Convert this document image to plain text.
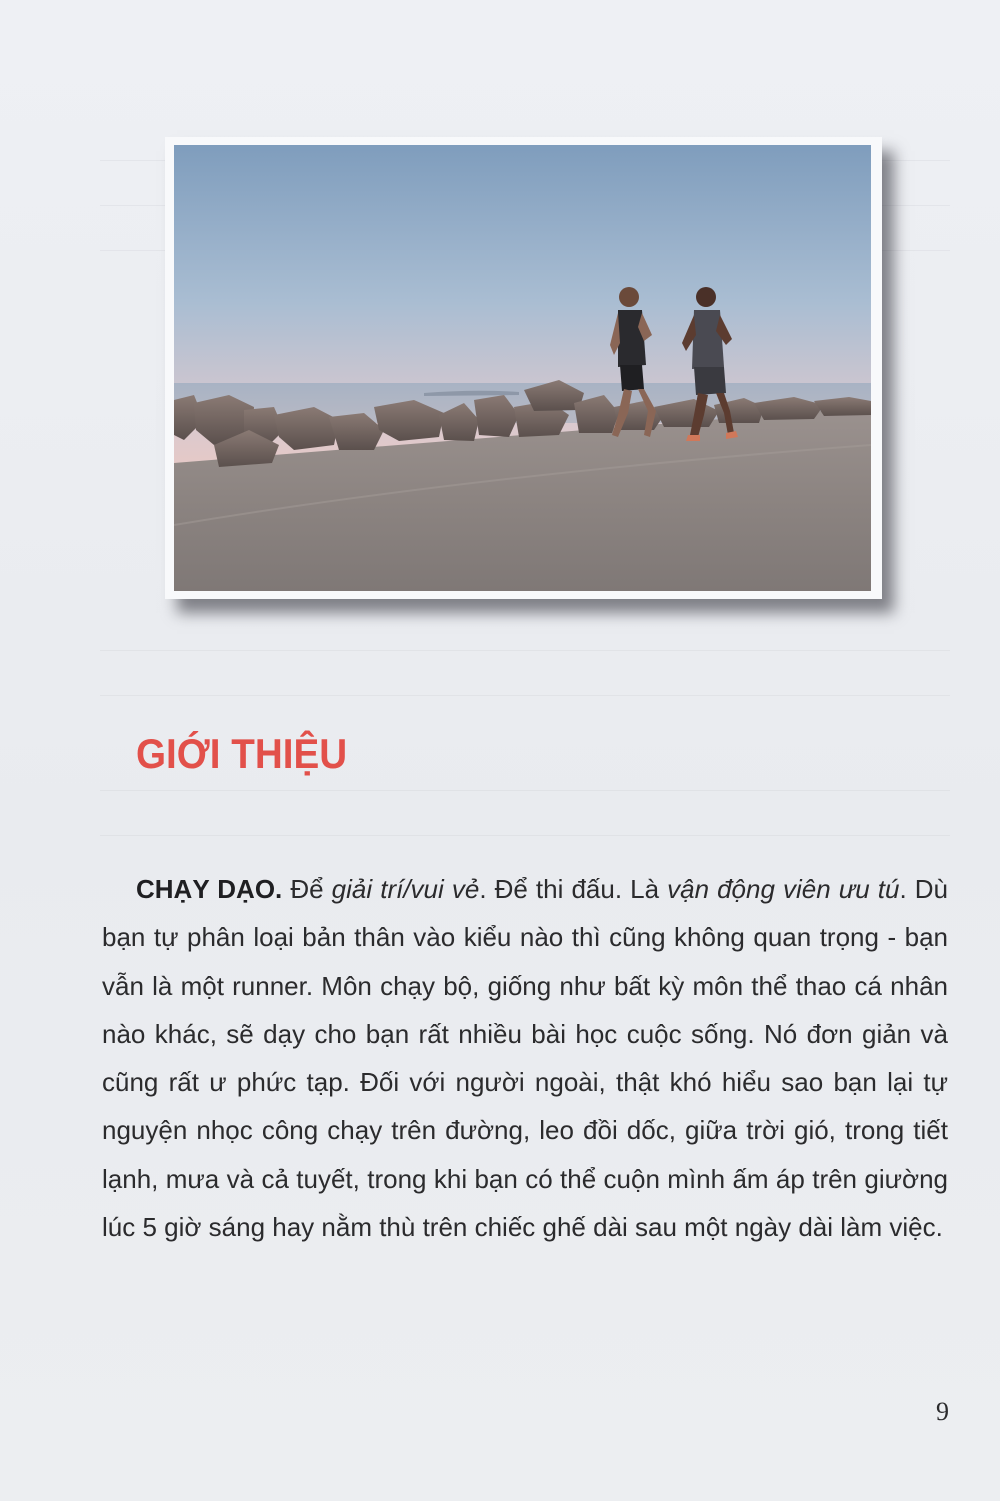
GIỚI THIỆU

CHẠY DẠO. Để giải trí/vui vẻ. Để thi đấu. Là vận động viên ưu tú. Dù bạn tự phân loại bản thân vào kiểu nào thì cũng không quan trọng - bạn vẫn là một runner. Môn chạy bộ, giống như bất kỳ môn thể thao cá nhân nào khác, sẽ dạy cho bạn rất nhiều bài học cuộc sống. Nó đơn giản và cũng rất ư phức tạp. Đối với người ngoài, thật khó hiểu sao bạn lại tự nguyện nhọc công chạy trên đường, leo đồi dốc, giữa trời gió, trong tiết lạnh, mưa và cả tuyết, trong khi bạn có thể cuộn mình ấm áp trên giường lúc 5 giờ sáng hay nằm thù trên chiếc ghế dài sau một ngày dài làm việc.

9
